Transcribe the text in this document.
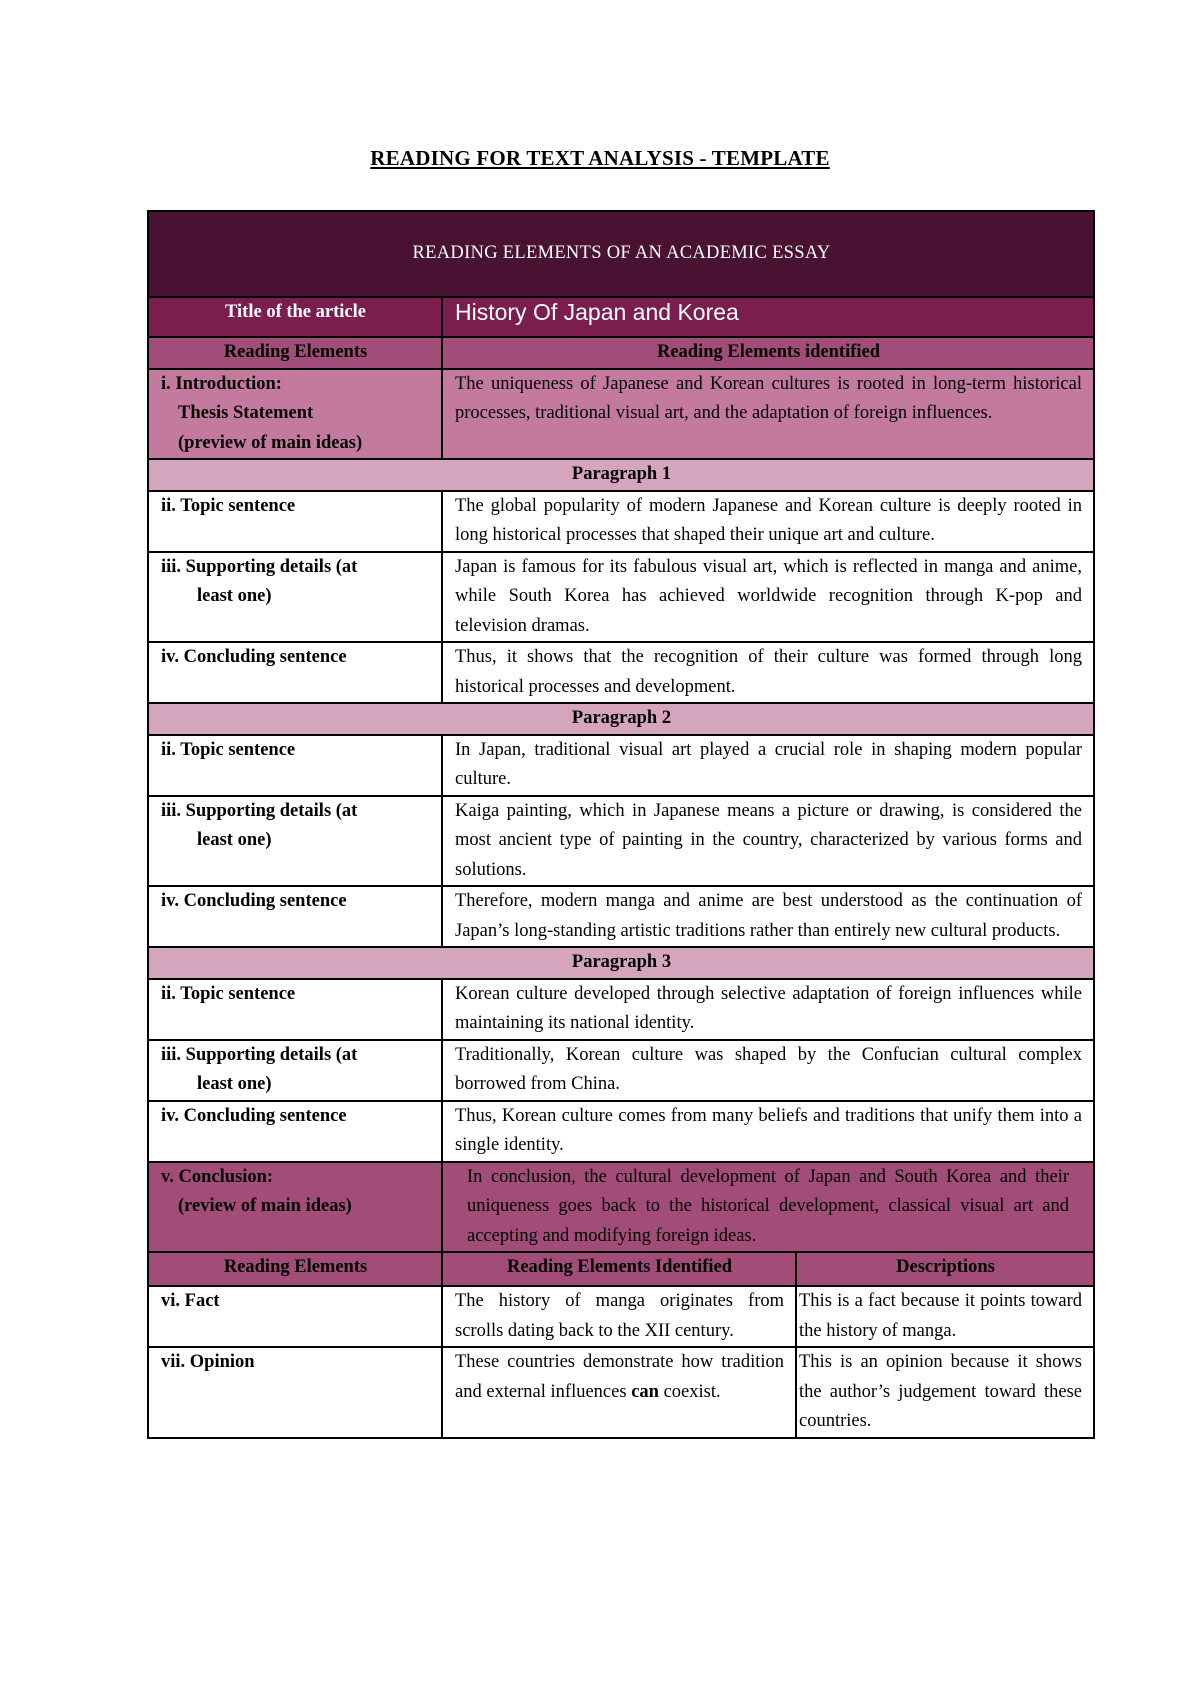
READING FOR TEXT ANALYSIS - TEMPLATE
READING ELEMENTS OF AN ACADEMIC ESSAY		
Title of the article	History Of Japan and Korea	
Reading Elements	Reading Elements identified	

i. Introduction:
Thesis Statement
(preview of main ideas)	The uniqueness of Japanese and Korean cultures is rooted in long-term historical processes, traditional visual art, and the adaptation of foreign influences.	
Paragraph 1		
ii. Topic sentence	The global popularity of modern Japanese and Korean culture is deeply rooted in long historical processes that shaped their unique art and culture.	

iii. Supporting details (at
least one)	Japan is famous for its fabulous visual art, which is reflected in manga and anime, while South Korea has achieved worldwide recognition through K-pop and television dramas.	
iv. Concluding sentence	Thus, it shows that the recognition of their culture was formed through long historical processes and development.	
Paragraph 2		
ii. Topic sentence	In Japan, traditional visual art played a crucial role in shaping modern popular culture.	

iii. Supporting details (at
least one)	Kaiga painting, which in Japanese means a picture or drawing, is considered the most ancient type of painting in the country, characterized by various forms and solutions.	
iv. Concluding sentence	Therefore, modern manga and anime are best understood as the continuation of Japan’s long-standing artistic traditions rather than entirely new cultural products.	
Paragraph 3		
ii. Topic sentence	Korean culture developed through selective adaptation of foreign influences while maintaining its national identity.	

iii. Supporting details (at
least one)	Traditionally, Korean culture was shaped by the Confucian cultural complex borrowed from China.	
iv. Concluding sentence	Thus, Korean culture comes from many beliefs and traditions that unify them into a single identity.	

v. Conclusion:
(review of main ideas)	In conclusion, the cultural development of Japan and South Korea and their uniqueness goes back to the historical development, classical visual art and accepting and modifying foreign ideas.	
Reading Elements	Reading Elements Identified	Descriptions
vi. Fact	The history of manga originates from scrolls dating back to the XII century.	This is a fact because it points toward the history of manga.
vii. Opinion	These countries demonstrate how tradition and external influences can coexist.	This is an opinion because it shows the author’s judgement toward these countries.
